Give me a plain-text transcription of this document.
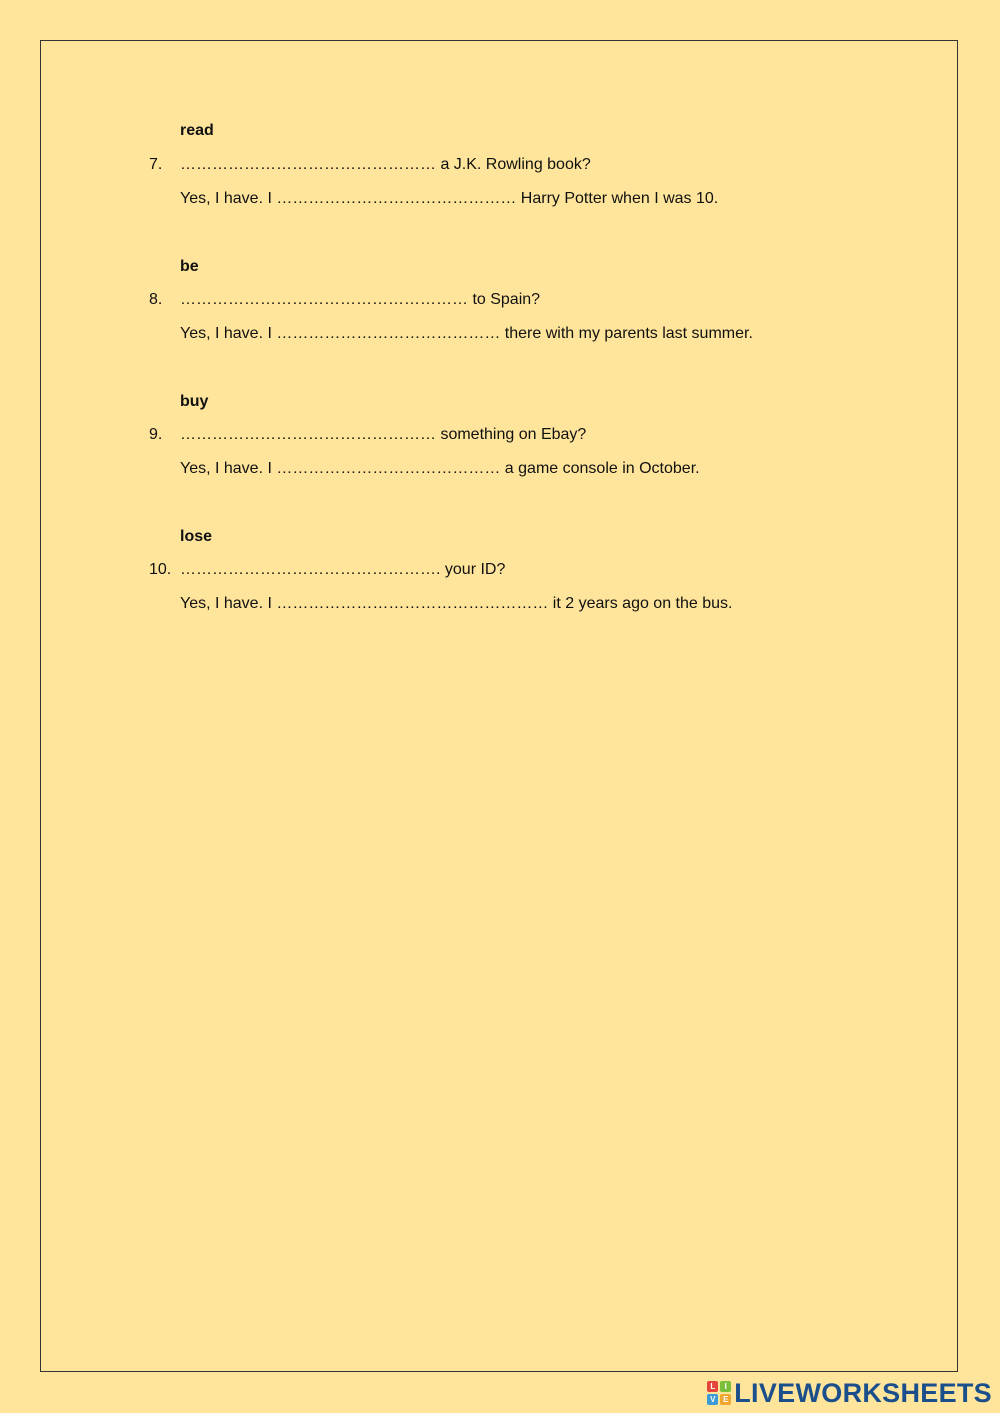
read
7. ………………………………………… a J.K. Rowling book?
Yes, I have. I ……………………………………… Harry Potter when I was 10.
be
8. ……………………………………………… to Spain?
Yes, I have. I …………………………………… there with my parents last summer.
buy
9. ………………………………………… something on Ebay?
Yes, I have. I …………………………………… a game console in October.
lose
10. …………………………………………. your ID?
Yes, I have. I …………………………………………… it 2 years ago on the bus.
L	I
V E LIVEWORKSHEETS
